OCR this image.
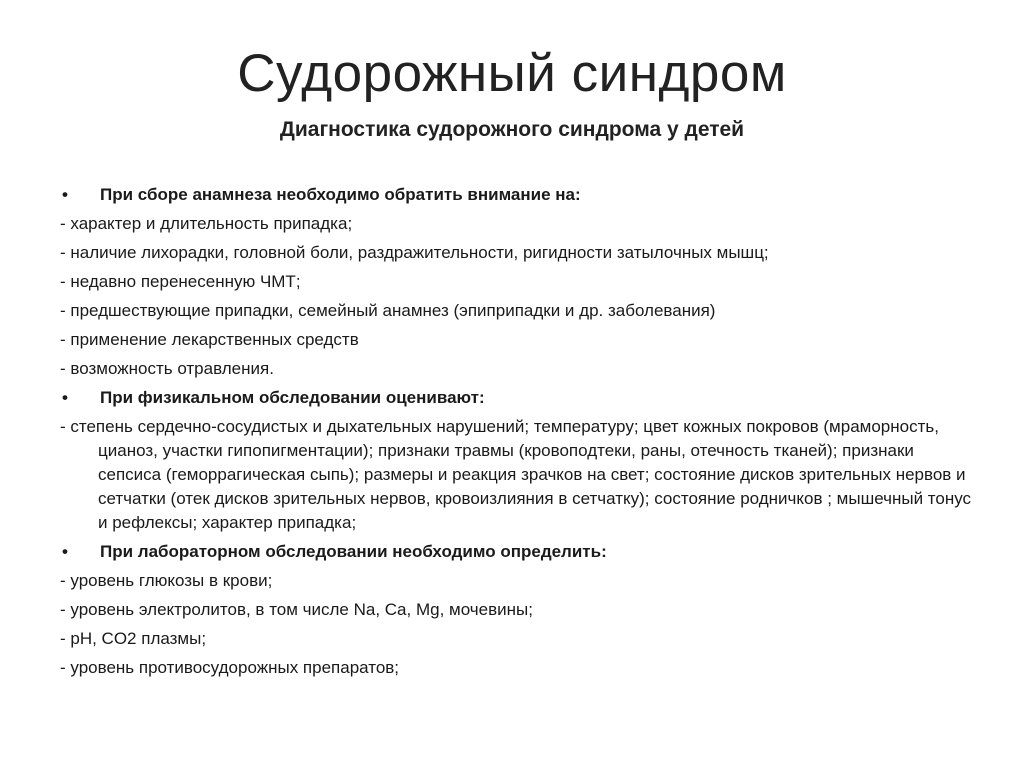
Судорожный синдром
Диагностика судорожного синдрома у детей
• При сборе анамнеза необходимо обратить внимание на:
- характер и длительность припадка;
- наличие лихорадки, головной боли, раздражительности, ригидности затылочных мышц;
- недавно перенесенную ЧМТ;
- предшествующие припадки, семейный анамнез (эпиприпадки и др. заболевания)
- применение лекарственных средств
- возможность отравления.
• При физикальном обследовании оценивают:
- степень сердечно-сосудистых и дыхательных нарушений; температуру; цвет кожных покровов (мраморность, цианоз, участки гипопигментации); признаки травмы (кровоподтеки, раны, отечность тканей); признаки сепсиса (геморрагическая сыпь); размеры и реакция зрачков на свет; состояние дисков зрительных нервов и сетчатки (отек дисков зрительных нервов, кровоизлияния в сетчатку); состояние родничков ; мышечный тонус и рефлексы; характер припадка;
• При лабораторном обследовании необходимо определить:
- уровень глюкозы в крови;
- уровень электролитов, в том числе Na, Ca, Mg, мочевины;
- pH, CO2 плазмы;
- уровень противосудорожных препаратов;
